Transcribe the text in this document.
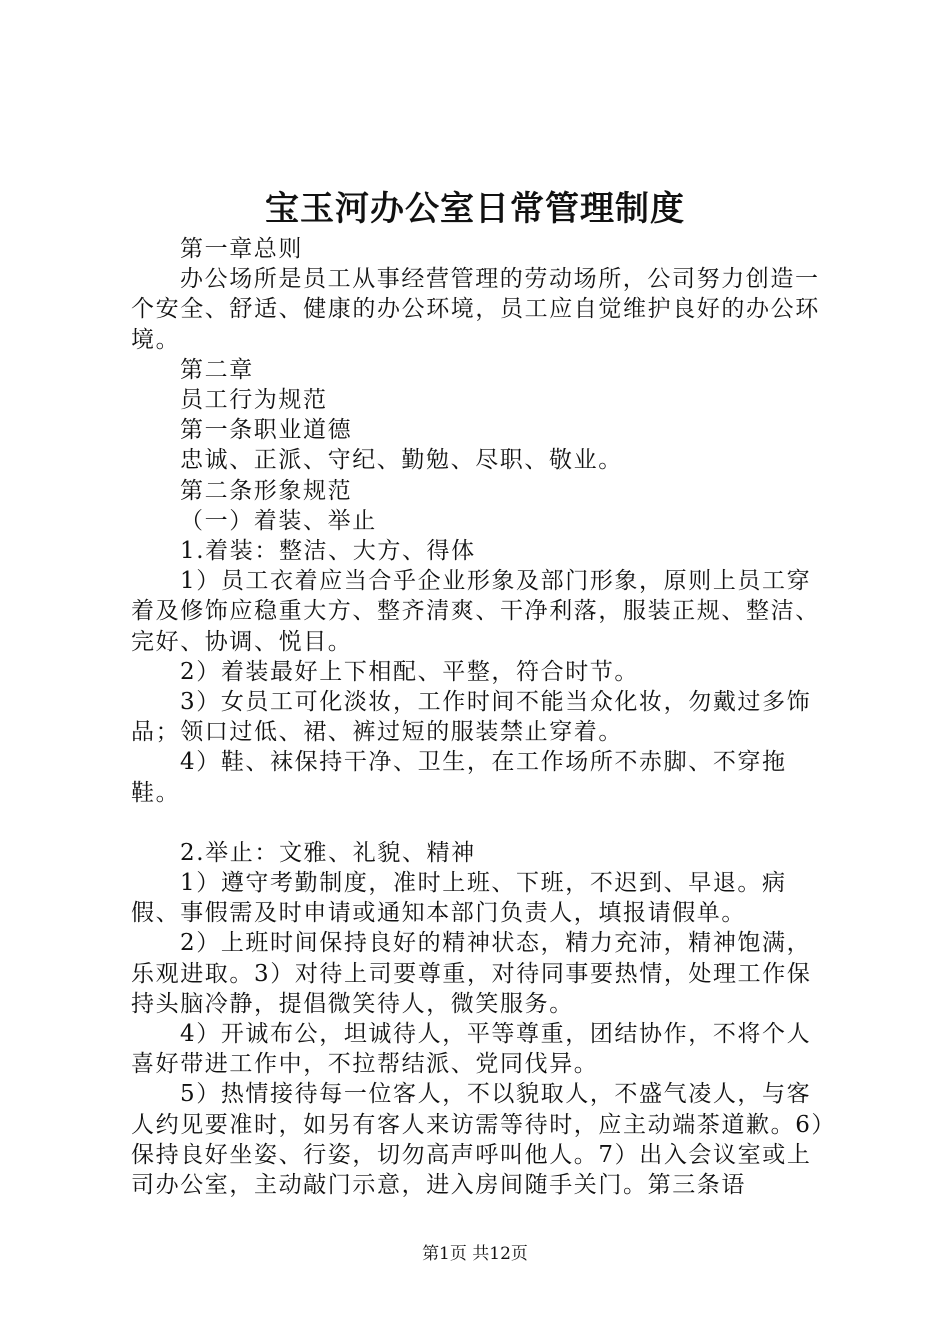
宝玉河办公室日常管理制度

第一章总则

办公场所是员工从事经营管理的劳动场所，公司努力创造一个安全、舒适、健康的办公环境，员工应自觉维护良好的办公环境。

第二章

员工行为规范

第一条职业道德

忠诚、正派、守纪、勤勉、尽职、敬业。

第二条形象规范

（一）着装、举止

1.着装：整洁、大方、得体

1）员工衣着应当合乎企业形象及部门形象，原则上员工穿着及修饰应稳重大方、整齐清爽、干净利落，服装正规、整洁、完好、协调、悦目。

2）着装最好上下相配、平整，符合时节。

3）女员工可化淡妆，工作时间不能当众化妆，勿戴过多饰品；领口过低、裙、裤过短的服装禁止穿着。

4）鞋、袜保持干净、卫生，在工作场所不赤脚、不穿拖鞋。

2.举止：文雅、礼貌、精神

1）遵守考勤制度，准时上班、下班，不迟到、早退。病假、事假需及时申请或通知本部门负责人，填报请假单。

2）上班时间保持良好的精神状态，精力充沛，精神饱满，乐观进取。3）对待上司要尊重，对待同事要热情，处理工作保持头脑冷静，提倡微笑待人，微笑服务。

4）开诚布公，坦诚待人，平等尊重，团结协作，不将个人喜好带进工作中，不拉帮结派、党同伐异。

5）热情接待每一位客人，不以貌取人，不盛气凌人，与客人约见要准时，如另有客人来访需等待时，应主动端茶道歉。6）保持良好坐姿、行姿，切勿高声呼叫他人。7）出入会议室或上司办公室，主动敲门示意，进入房间随手关门。第三条语

第1页 共12页
